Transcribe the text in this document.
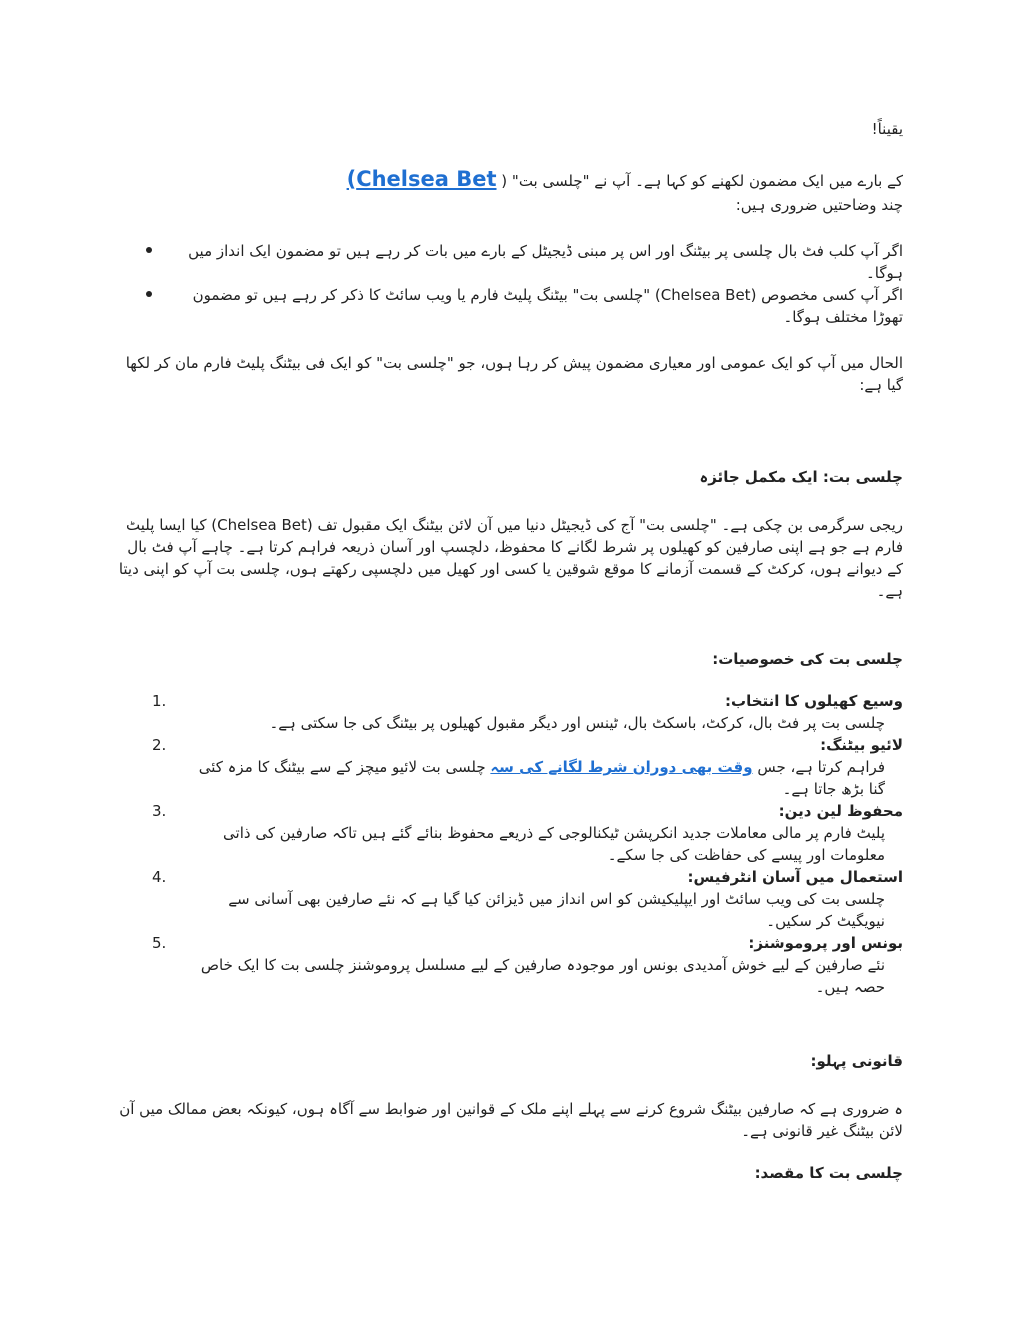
یقیناً!

کے بارے میں ایک مضمون لکھنے کو کہا ہے۔ آپ نے "چلسی بت" ( Chelsea Bet)

چند وضاحتیں ضروری ہیں:

اگر آپ کلب فٹ بال چلسی پر بیٹنگ اور اس پر مبنی ڈیجیٹل کے بارے میں بات کر رہے ہیں تو مضمون ایک انداز میں ہوگا۔
اگر آپ کسی مخصوص (Chelsea Bet) "چلسی بت" بیٹنگ پلیٹ فارم یا ویب سائٹ کا ذکر کر رہے ہیں تو مضمون تھوڑا مختلف ہوگا۔

الحال میں آپ کو ایک عمومی اور معیاری مضمون پیش کر رہا ہوں، جو "چلسی بت" کو ایک فی بیٹنگ پلیٹ فارم مان کر لکھا گیا ہے:

چلسی بت: ایک مکمل جائزہ

ریجی سرگرمی بن چکی ہے۔ "چلسی بت" آج کی ڈیجیٹل دنیا میں آن لائن بیٹنگ ایک مقبول تف (Chelsea Bet) کیا ایسا پلیٹ فارم ہے جو ہے اپنی صارفین کو کھیلوں پر شرط لگانے کا محفوظ، دلچسپ اور آسان ذریعہ فراہم کرتا ہے۔ چاہے آپ فٹ بال کے دیوانے ہوں، کرکٹ کے قسمت آزمانے کا موقع شوقین یا کسی اور کھیل میں دلچسپی رکھتے ہوں، چلسی بت آپ کو اپنی دیتا ہے۔

چلسی بت کی خصوصیات:

1.	وسیع کھیلوں کا انتخاب:
چلسی بت پر فٹ بال، کرکٹ، باسکٹ بال، ٹینس اور دیگر مقبول کھیلوں پر بیٹنگ کی جا سکتی ہے۔
2.	لائیو بیٹنگ:
فراہم کرتا ہے، جس وقت بھی دوران شرط لگانے کی سہ چلسی بت لائیو میچز کے سے بیٹنگ کا مزہ کئی گنا بڑھ جاتا ہے۔
3.	محفوظ لین دین:
پلیٹ فارم پر مالی معاملات جدید انکرپشن ٹیکنالوجی کے ذریعے محفوظ بنائے گئے ہیں تاکہ صارفین کی ذاتی معلومات اور پیسے کی حفاظت کی جا سکے۔
4.	استعمال میں آسان انٹرفیس:
چلسی بت کی ویب سائٹ اور ایپلیکیشن کو اس انداز میں ڈیزائن کیا گیا ہے کہ نئے صارفین بھی آسانی سے نیویگیٹ کر سکیں۔
5.	بونس اور پروموشنز:
نئے صارفین کے لیے خوش آمدیدی بونس اور موجودہ صارفین کے لیے مسلسل پروموشنز چلسی بت کا ایک خاص حصہ ہیں۔

قانونی پہلو:

ہ ضروری ہے کہ صارفین بیٹنگ شروع کرنے سے پہلے اپنے ملک کے قوانین اور ضوابط سے آگاہ ہوں، کیونکہ بعض ممالک میں آن لائن بیٹنگ غیر قانونی ہے۔

چلسی بت کا مقصد:
